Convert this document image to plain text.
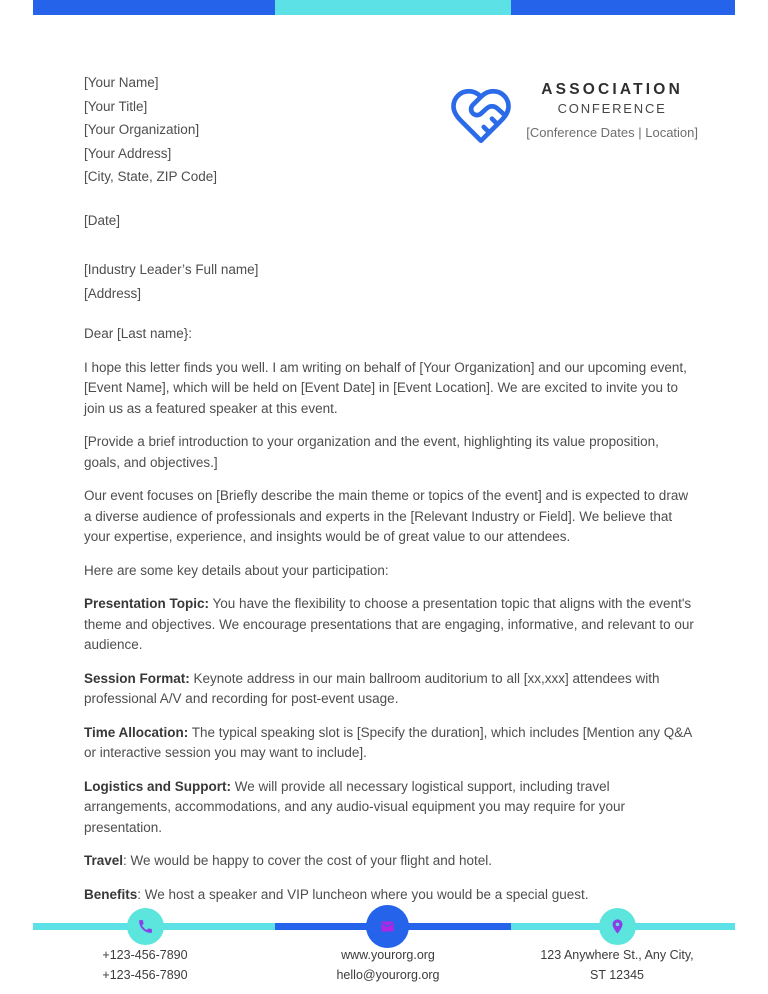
[Your Name]
[Your Title]
[Your Organization]
[Your Address]
[City, State, ZIP Code]
ASSOCIATION
CONFERENCE
[Conference Dates | Location]
[Date]
[Industry Leader’s Full name]
[Address]
Dear [Last name}:

I hope this letter finds you well. I am writing on behalf of [Your Organization] and our upcoming event, [Event Name], which will be held on [Event Date] in [Event Location]. We are excited to invite you to join us as a featured speaker at this event.

[Provide a brief introduction to your organization and the event, highlighting its value proposition, goals, and objectives.]

Our event focuses on [Briefly describe the main theme or topics of the event] and is expected to draw a diverse audience of professionals and experts in the [Relevant Industry or Field]. We believe that your expertise, experience, and insights would be of great value to our attendees.

Here are some key details about your participation:

Presentation Topic: You have the flexibility to choose a presentation topic that aligns with the event's theme and objectives. We encourage presentations that are engaging, informative, and relevant to our audience.

Session Format: Keynote address in our main ballroom auditorium to all [xx,xxx] attendees with professional A/V and recording for post-event usage.

Time Allocation: The typical speaking slot is [Specify the duration], which includes [Mention any Q&A or interactive session you may want to include].

Logistics and Support: We will provide all necessary logistical support, including travel arrangements, accommodations, and any audio-visual equipment you may require for your presentation.

Travel: We would be happy to cover the cost of your flight and hotel.

Benefits: We host a speaker and VIP luncheon where you would be a special guest.

+123-456-7890
+123-456-7890
www.yourorg.org
hello@yourorg.org
123 Anywhere St., Any City,
ST 12345
